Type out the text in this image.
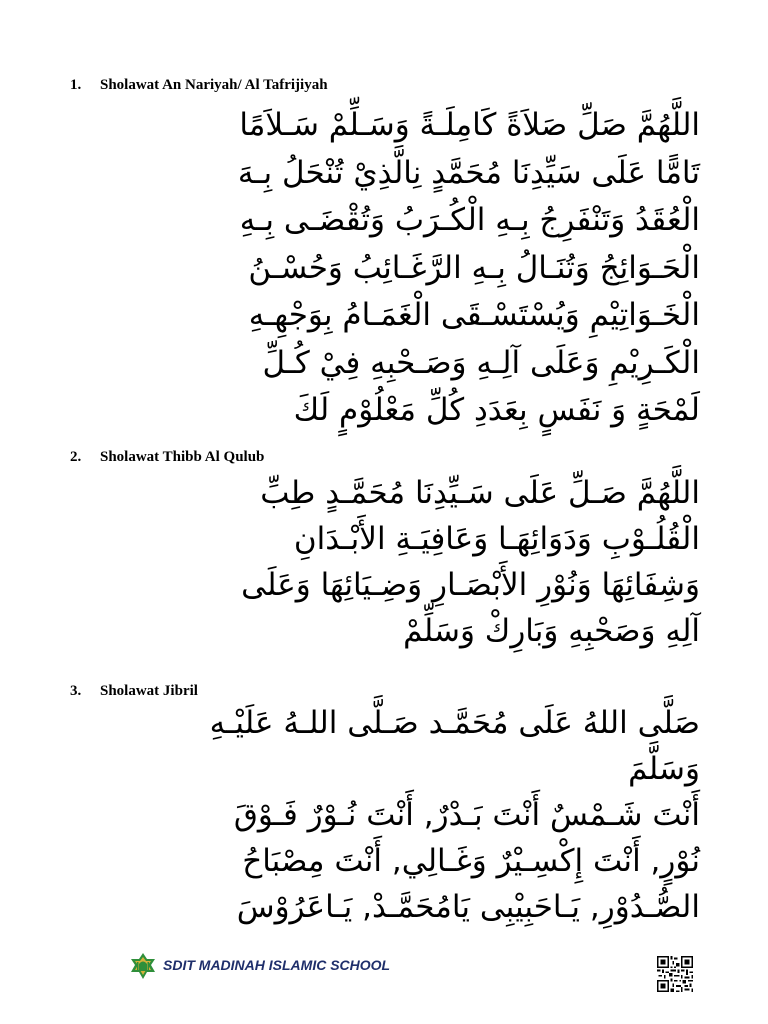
1. Sholawat An Nariyah/ Al Tafrijiyah
اللَّهُمَّ صَلِّ صَلاَةً كَامِلَـةً وَسَـلِّمْ سَـلاَمًا
تَامًّا عَلَى سَيِّدِنَا مُحَمَّدٍ نِالَّذِيْ تُنْحَلُ بِـهَ
الْعُقَدُ وَتَنْفَرِجُ بِـهِ الْكُـرَبُ وَتُقْضَـى بِـهِ
الْحَـوَائِجُ وَتُنَـالُ بِـهِ الرَّغَـائِبُ وَحُسْـنُ
الْخَـوَاتِيْمِ وَيُسْتَسْـقَى الْغَمَـامُ بِوَجْهِـهِ
الْكَـرِيْمِ وَعَلَى آلِـهِ وَصَـحْبِهِ فِيْ كُـلِّ
لَمْحَةٍ وَ نَفَسٍ بِعَدَدِ كُلِّ مَعْلُوْمٍ لَكَ
2. Sholawat Thibb Al Qulub
اللَّهُمَّ صَـلِّ عَلَى سَـيِّدِنَا مُحَمَّـدٍ طِبِّ
الْقُلُـوْبِ وَدَوَائِهَـا وَعَافِيَـةِ الأَبْـدَانِ
وَشِفَائِهَا وَنُوْرِ الأَبْصَـارِ وَضِـيَائِهَا وَعَلَى
آلِهِ وَصَحْبِهِ وَبَارِكْ وَسَلِّمْ
3. Sholawat Jibril
صَلَّى اللهُ عَلَى مُحَمَّـد صَـلَّى اللـهُ عَلَيْـهِ
وَسَلَّمَ
أَنْتَ شَـمْسٌ أَنْتَ بَـدْرٌ, أَنْتَ نُـوْرٌ فَـوْقَ
نُوْرٍ, أَنْتَ إِكْسِـيْرٌ وَغَـالِي, أَنْتَ مِصْبَاحُ
الصُّـدُوْرِ, يَـاحَبِيْبِى يَامُحَمَّـدْ, يَـاعَرُوْسَ
SDIT MADINAH ISLAMIC SCHOOL
